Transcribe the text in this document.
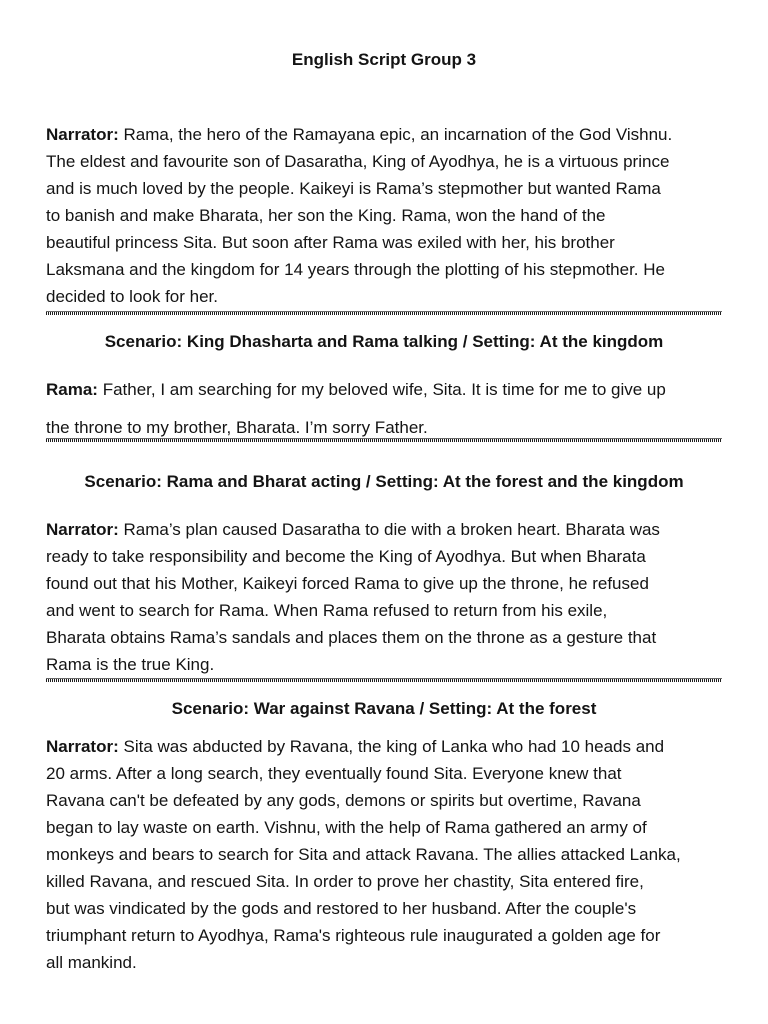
English Script Group 3
Narrator: Rama, the hero of the Ramayana epic, an incarnation of the God Vishnu.
The eldest and favourite son of Dasaratha, King of Ayodhya, he is a virtuous prince
and is much loved by the people. Kaikeyi is Rama’s stepmother but wanted Rama
to banish and make Bharata, her son the King. Rama, won the hand of the
beautiful princess Sita. But soon after Rama was exiled with her, his brother
Laksmana and the kingdom for 14 years through the plotting of his stepmother. He
decided to look for her.
Scenario: King Dhasharta and Rama talking / Setting: At the kingdom
Rama: Father, I am searching for my beloved wife, Sita. It is time for me to give up
the throne to my brother, Bharata. I’m sorry Father.
Scenario: Rama and Bharat acting / Setting: At the forest and the kingdom
Narrator: Rama’s plan caused Dasaratha to die with a broken heart. Bharata was
ready to take responsibility and become the King of Ayodhya. But when Bharata
found out that his Mother, Kaikeyi forced Rama to give up the throne, he refused
and went to search for Rama. When Rama refused to return from his exile,
Bharata obtains Rama’s sandals and places them on the throne as a gesture that
Rama is the true King.
Scenario: War against Ravana / Setting: At the forest
Narrator: Sita was abducted by Ravana, the king of Lanka who had 10 heads and
20 arms. After a long search, they eventually found Sita. Everyone knew that
Ravana can't be defeated by any gods, demons or spirits but overtime, Ravana
began to lay waste on earth. Vishnu, with the help of Rama gathered an army of
monkeys and bears to search for Sita and attack Ravana. The allies attacked Lanka,
killed Ravana, and rescued Sita. In order to prove her chastity, Sita entered fire,
but was vindicated by the gods and restored to her husband. After the couple's
triumphant return to Ayodhya, Rama's righteous rule inaugurated a golden age for
all mankind.
